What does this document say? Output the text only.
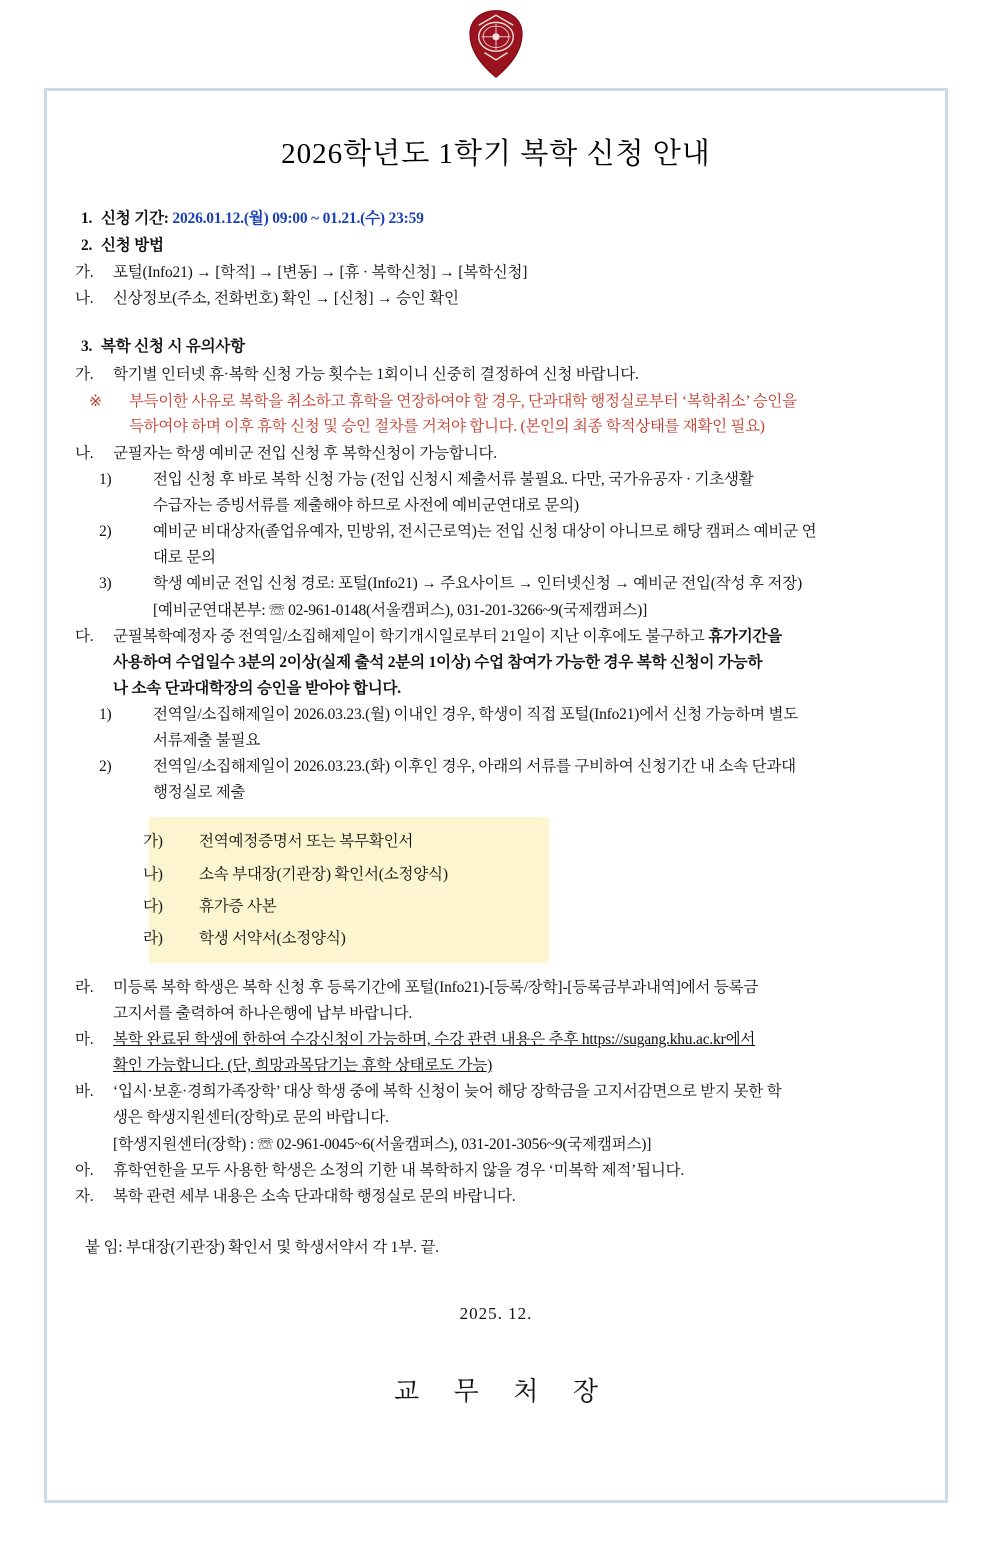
2026학년도 1학기 복학 신청 안내

1. 신청 기간: 2026.01.12.(월) 09:00 ~ 01.21.(수) 23:59

2. 신청 방법

가. 포털(Info21) → [학적] → [변동] → [휴 · 복학신청] → [복학신청]

나. 신상정보(주소, 전화번호) 확인 → [신청] → 승인 확인

3. 복학 신청 시 유의사항

가. 학기별 인터넷 휴·복학 신청 가능 횟수는 1회이니 신중히 결정하여 신청 바랍니다.

※ 부득이한 사유로 복학을 취소하고 휴학을 연장하여야 할 경우, 단과대학 행정실로부터 ‘복학취소’ 승인을
득하여야 하며 이후 휴학 신청 및 승인 절차를 거쳐야 합니다. (본인의 최종 학적상태를 재확인 필요)

나. 군필자는 학생 예비군 전입 신청 후 복학신청이 가능합니다.

1)	전입 신청 후 바로 복학 신청 가능 (전입 신청시 제출서류 불필요. 다만, 국가유공자 · 기초생활

수급자는 증빙서류를 제출해야 하므로 사전에 예비군연대로 문의)

2)	예비군 비대상자(졸업유예자, 민방위, 전시근로역)는 전입 신청 대상이 아니므로 해당 캠퍼스 예비군 연

대로 문의

3)	학생 예비군 전입 신청 경로: 포털(Info21) → 주요사이트 → 인터넷신청 → 예비군 전입(작성 후 저장)

[예비군연대본부: ☏ 02-961-0148(서울캠퍼스), 031-201-3266~9(국제캠퍼스)]

다. 군필복학예정자 중 전역일/소집해제일이 학기개시일로부터 21일이 지난 이후에도 불구하고 휴가기간을

사용하여 수업일수 3분의 2이상(실제 출석 2분의 1이상) 수업 참여가 가능한 경우 복학 신청이 가능하

나 소속 단과대학장의 승인을 받아야 합니다.

1)	전역일/소집해제일이 2026.03.23.(월) 이내인 경우, 학생이 직접 포털(Info21)에서 신청 가능하며 별도

서류제출 불필요

2)	전역일/소집해제일이 2026.03.23.(화) 이후인 경우, 아래의 서류를 구비하여 신청기간 내 소속 단과대

행정실로 제출

가) 전역예정증명서 또는 복무확인서

나) 소속 부대장(기관장) 확인서(소정양식)

다) 휴가증 사본

라) 학생 서약서(소정양식)

라. 미등록 복학 학생은 복학 신청 후 등록기간에 포털(Info21)-[등록/장학]-[등록금부과내역]에서 등록금

고지서를 출력하여 하나은행에 납부 바랍니다.

마. 복학 완료된 학생에 한하여 수강신청이 가능하며, 수강 관련 내용은 추후 https://sugang.khu.ac.kr에서

확인 가능합니다. (단, 희망과목담기는 휴학 상태로도 가능)

바. ‘입시·보훈·경희가족장학’ 대상 학생 중에 복학 신청이 늦어 해당 장학금을 고지서감면으로 받지 못한 학

생은 학생지원센터(장학)로 문의 바랍니다.

[학생지원센터(장학) : ☏ 02-961-0045~6(서울캠퍼스), 031-201-3056~9(국제캠퍼스)]

아. 휴학연한을 모두 사용한 학생은 소정의 기한 내 복학하지 않을 경우 ‘미복학 제적’됩니다.

자. 복학 관련 세부 내용은 소속 단과대학 행정실로 문의 바랍니다.

붙 임: 부대장(기관장) 확인서 및 학생서약서 각 1부. 끝.

2025. 12.

교 무 처 장
